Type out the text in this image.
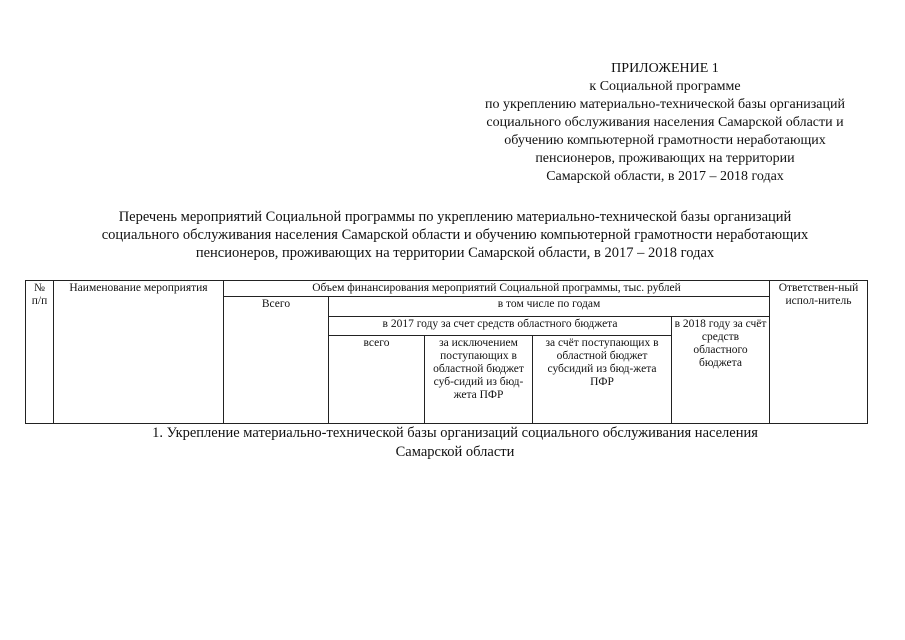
ПРИЛОЖЕНИЕ 1
к Социальной программе
по укреплению материально-технической базы организаций
социального обслуживания населения Самарской области и
обучению компьютерной грамотности неработающих
пенсионеров, проживающих на территории
Самарской области, в 2017 – 2018 годах
Перечень мероприятий Социальной программы по укреплению материально-технической базы организаций
социального обслуживания населения Самарской области и обучению компьютерной грамотности неработающих
пенсионеров, проживающих на территории Самарской области, в 2017 – 2018 годах
№ п/п	Наименование мероприятия	Объем финансирования мероприятий Социальной программы, тыс. рублей					Ответствен-ный испол-нитель
		Всего	в том числе по годам				
			в 2017 году за счет средств областного бюджета			в 2018 году за счёт средств областного бюджета	
			всего	за исключением поступающих в областной бюджет суб-сидий из бюд-жета ПФР	за счёт поступающих в областной бюджет субсидий из бюд-жета ПФР		
1. Укрепление материально-технической базы организаций социального обслуживания населения
Самарской области
